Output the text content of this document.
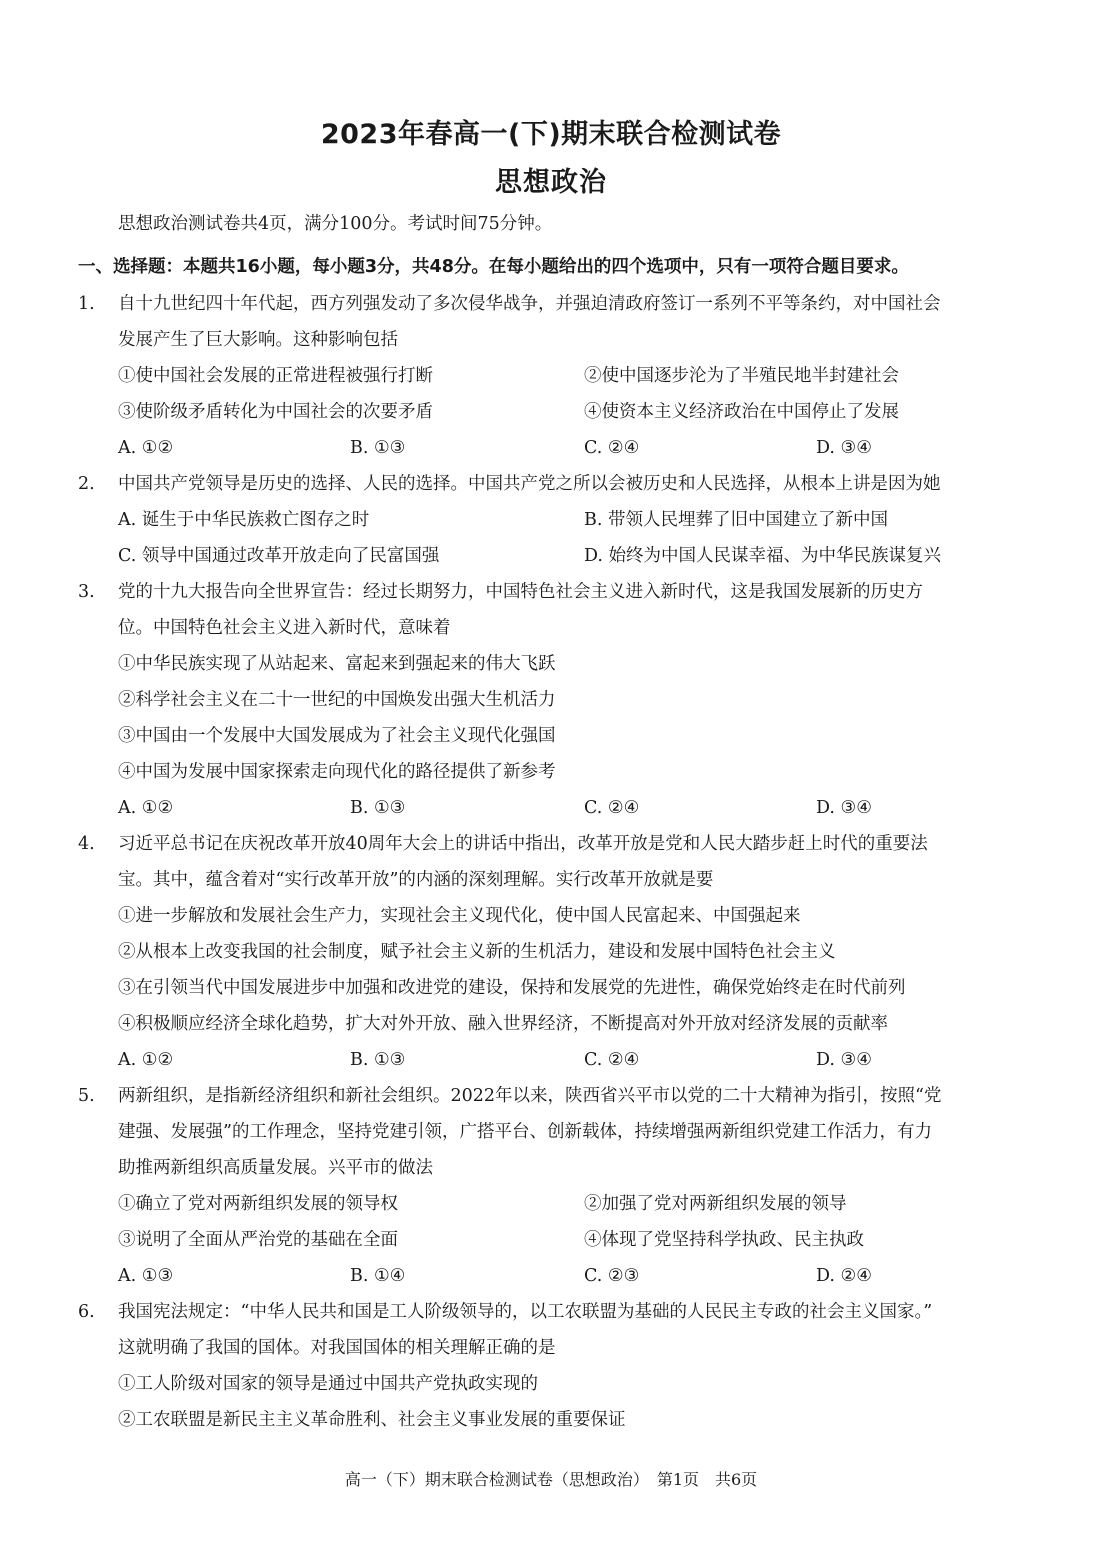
2023年春高一(下)期末联合检测试卷
思想政治
思想政治测试卷共4页，满分100分。考试时间75分钟。
一、选择题：本题共16小题，每小题3分，共48分。在每小题给出的四个选项中，只有一项符合题目要求。
1.	自十九世纪四十年代起，西方列强发动了多次侵华战争，并强迫清政府签订一系列不平等条约，对中国社会
发展产生了巨大影响。这种影响包括
①使中国社会发展的正常进程被强行打断	②使中国逐步沦为了半殖民地半封建社会
③使阶级矛盾转化为中国社会的次要矛盾	④使资本主义经济政治在中国停止了发展
A. ①②	B. ①③	C. ②④	D. ③④
2.	中国共产党领导是历史的选择、人民的选择。中国共产党之所以会被历史和人民选择，从根本上讲是因为她
A. 诞生于中华民族救亡图存之时	B. 带领人民埋葬了旧中国建立了新中国
C. 领导中国通过改革开放走向了民富国强	D. 始终为中国人民谋幸福、为中华民族谋复兴
3.	党的十九大报告向全世界宣告：经过长期努力，中国特色社会主义进入新时代，这是我国发展新的历史方
位。中国特色社会主义进入新时代，意味着
①中华民族实现了从站起来、富起来到强起来的伟大飞跃
②科学社会主义在二十一世纪的中国焕发出强大生机活力
③中国由一个发展中大国发展成为了社会主义现代化强国
④中国为发展中国家探索走向现代化的路径提供了新参考
A. ①②	B. ①③	C. ②④	D. ③④
4.	习近平总书记在庆祝改革开放40周年大会上的讲话中指出，改革开放是党和人民大踏步赶上时代的重要法
宝。其中，蕴含着对“实行改革开放”的内涵的深刻理解。实行改革开放就是要
①进一步解放和发展社会生产力，实现社会主义现代化，使中国人民富起来、中国强起来
②从根本上改变我国的社会制度，赋予社会主义新的生机活力，建设和发展中国特色社会主义
③在引领当代中国发展进步中加强和改进党的建设，保持和发展党的先进性，确保党始终走在时代前列
④积极顺应经济全球化趋势，扩大对外开放、融入世界经济，不断提高对外开放对经济发展的贡献率
A. ①②	B. ①③	C. ②④	D. ③④
5.	两新组织，是指新经济组织和新社会组织。2022年以来，陕西省兴平市以党的二十大精神为指引，按照“党
建强、发展强”的工作理念，坚持党建引领，广搭平台、创新载体，持续增强两新组织党建工作活力，有力
助推两新组织高质量发展。兴平市的做法
①确立了党对两新组织发展的领导权	②加强了党对两新组织发展的领导
③说明了全面从严治党的基础在全面	④体现了党坚持科学执政、民主执政
A. ①③	B. ①④	C. ②③	D. ②④
6.	我国宪法规定：“中华人民共和国是工人阶级领导的，以工农联盟为基础的人民民主专政的社会主义国家。”
这就明确了我国的国体。对我国国体的相关理解正确的是
①工人阶级对国家的领导是通过中国共产党执政实现的
②工农联盟是新民主主义革命胜利、社会主义事业发展的重要保证
高一（下）期末联合检测试卷（思想政治）　第1页　共6页
